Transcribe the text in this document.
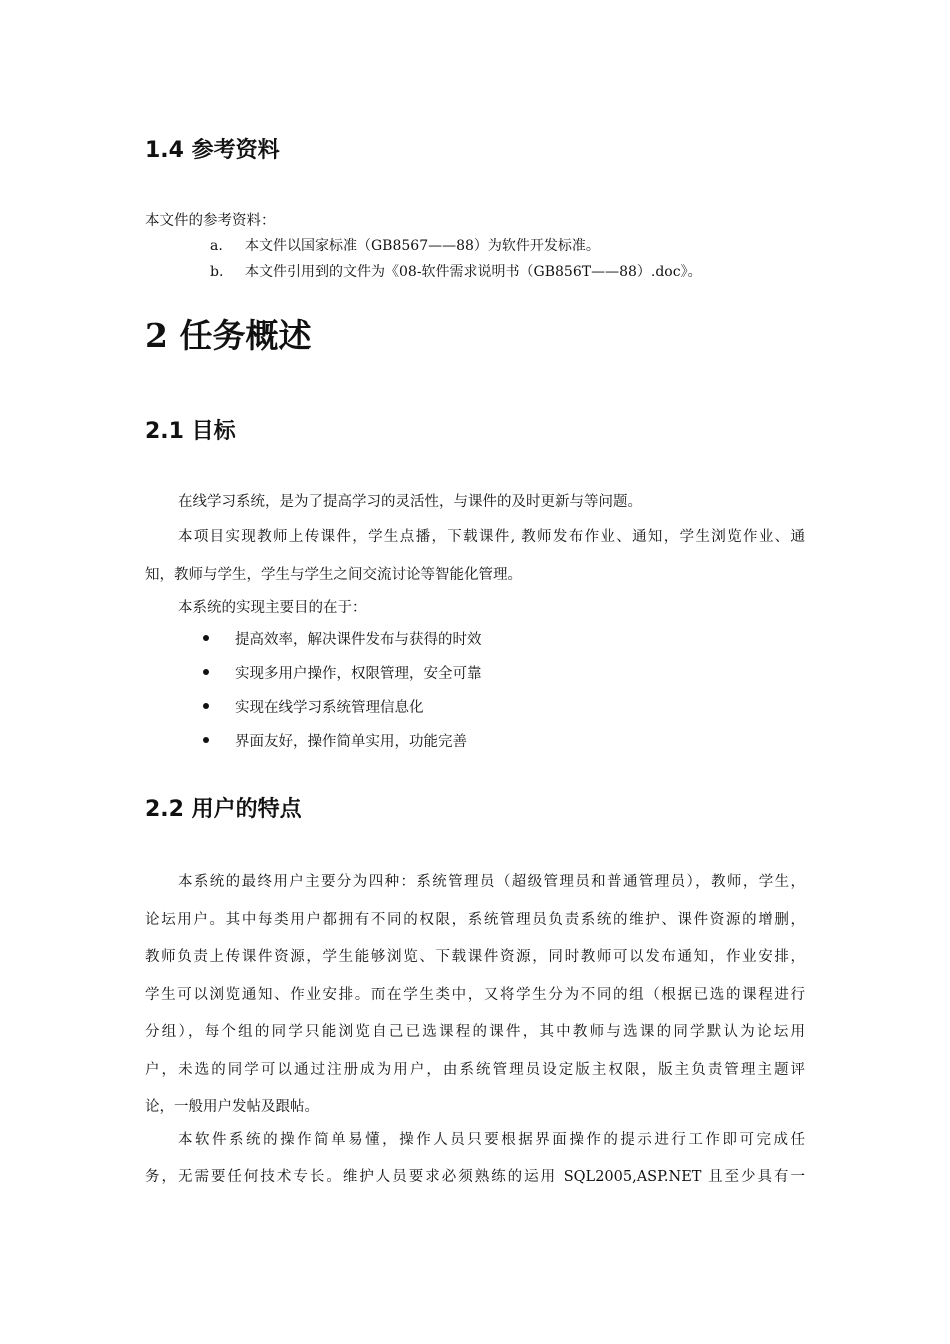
1.4 参考资料
本文件的参考资料：
a. 本文件以国家标准（GB8567——88）为软件开发标准。
b. 本文件引用到的文件为《08-软件需求说明书（GB856T——88）.doc》。
2 任务概述
2.1 目标
在线学习系统，是为了提高学习的灵活性，与课件的及时更新与等问题。
本项目实现教师上传课件，学生点播，下载课件, 教师发布作业、通知，学生浏览作业、通
知，教师与学生，学生与学生之间交流讨论等智能化管理。
本系统的实现主要目的在于：
提高效率，解决课件发布与获得的时效
实现多用户操作，权限管理，安全可靠
实现在线学习系统管理信息化
界面友好，操作简单实用，功能完善
2.2 用户的特点
本系统的最终用户主要分为四种：系统管理员（超级管理员和普通管理员），教师，学生，
论坛用户。其中每类用户都拥有不同的权限，系统管理员负责系统的维护、课件资源的增删，
教师负责上传课件资源，学生能够浏览、下载课件资源，同时教师可以发布通知，作业安排，
学生可以浏览通知、作业安排。而在学生类中，又将学生分为不同的组（根据已选的课程进行
分组），每个组的同学只能浏览自己已选课程的课件，其中教师与选课的同学默认为论坛用
户，未选的同学可以通过注册成为用户，由系统管理员设定版主权限，版主负责管理主题评
论，一般用户发帖及跟帖。
本软件系统的操作简单易懂，操作人员只要根据界面操作的提示进行工作即可完成任
务，无需要任何技术专长。维护人员要求必须熟练的运用 SQL2005,ASP.NET 且至少具有一
